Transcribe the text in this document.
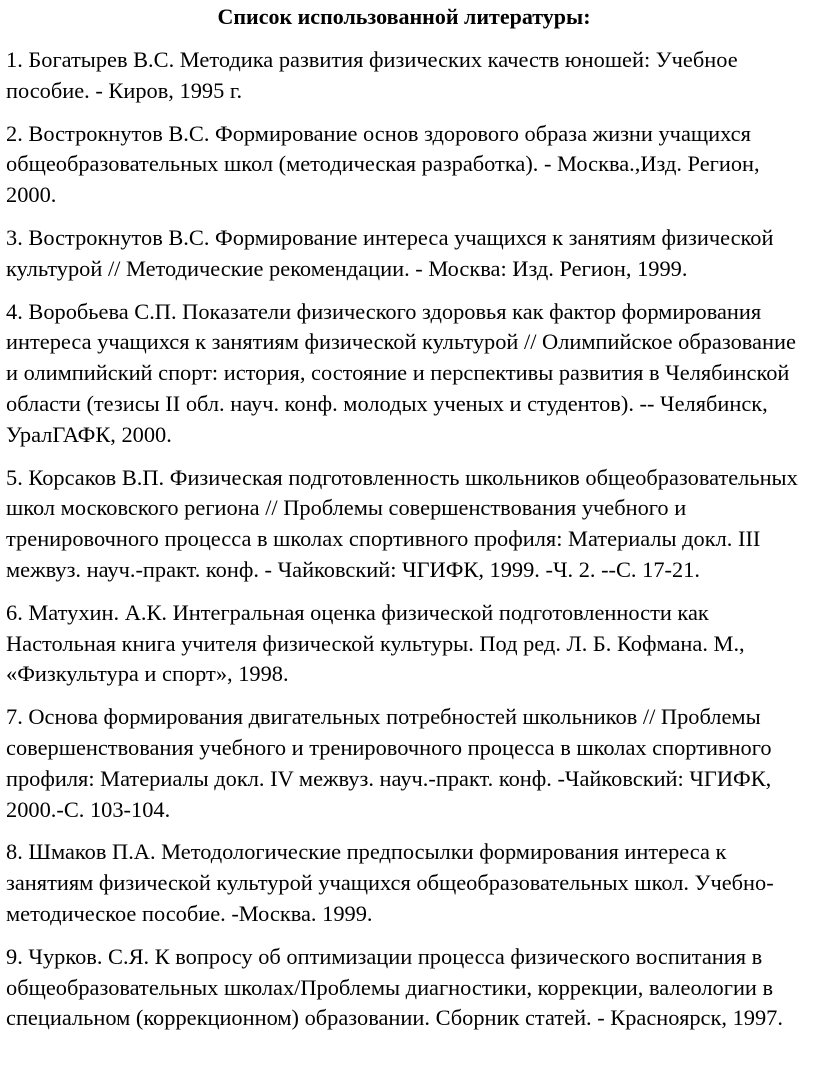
Список использованной литературы:
1. Богатырев В.С. Методика развития физических качеств юношей: Учебное пособие. - Киров, 1995 г.
2. Вострокнутов В.С. Формирование основ здорового образа жизни учащихся общеобразовательных школ (методическая разработка). - Москва.,Изд. Регион, 2000.
3. Вострокнутов В.С. Формирование интереса учащихся к занятиям физической культурой // Методические рекомендации. - Москва: Изд. Регион, 1999.
4. Воробьева С.П. Показатели физического здоровья как фактор формирования интереса учащихся к занятиям физической культурой // Олимпийское образование и олимпийский спорт: история, состояние и перспективы развития в Челябинской области (тезисы II обл. науч. конф. молодых ученых и студентов). -- Челябинск, УралГАФК, 2000.
5. Корсаков В.П. Физическая подготовленность школьников общеобразовательных школ московского региона // Проблемы совершенствования учебного и тренировочного процесса в школах спортивного профиля: Материалы докл. III межвуз. науч.-практ. конф. - Чайковский: ЧГИФК, 1999. -Ч. 2. --С. 17-21.
6. Матухин. А.К. Интегральная оценка физической подготовленности как Настольная книга учителя физической культуры. Под ред. Л. Б. Кофмана. М., «Физкультура и спорт», 1998.
7. Основа формирования двигательных потребностей школьников // Проблемы совершенствования учебного и тренировочного процесса в школах спортивного профиля: Материалы докл. IV межвуз. науч.-практ. конф. -Чайковский: ЧГИФК, 2000.-С. 103-104.
8. Шмаков П.А. Методологические предпосылки формирования интереса к занятиям физической культурой учащихся общеобразовательных школ. Учебно-методическое пособие. -Москва. 1999.
9. Чурков. С.Я. К вопросу об оптимизации процесса физического воспитания в общеобразовательных школах/Проблемы диагностики, коррекции, валеологии в специальном (коррекционном) образовании. Сборник статей. - Красноярск, 1997.
